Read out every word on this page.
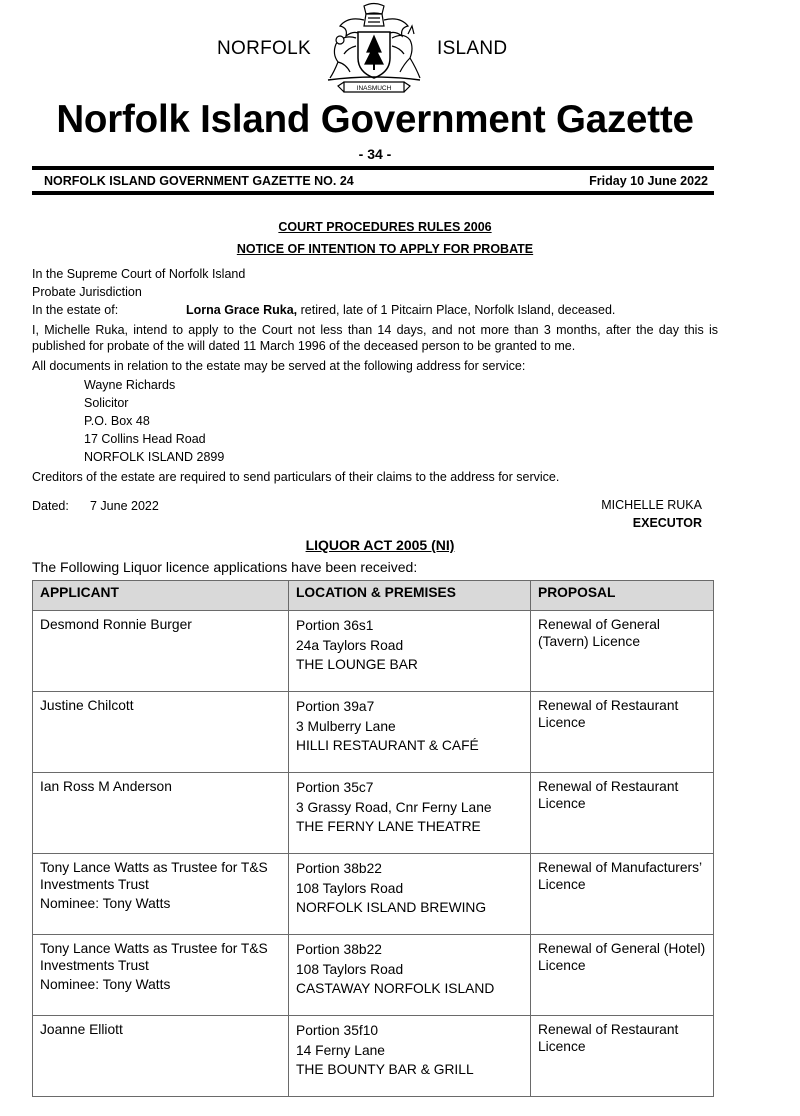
NORFOLK
INASMUCH
ISLAND
Norfolk Island Government Gazette
- 34 -
NORFOLK ISLAND GOVERNMENT GAZETTE NO. 24	Friday 10 June 2022
COURT PROCEDURES RULES 2006
NOTICE OF INTENTION TO APPLY FOR PROBATE
In the Supreme Court of Norfolk Island
Probate Jurisdiction
In the estate of:	Lorna Grace Ruka, retired, late of 1 Pitcairn Place, Norfolk Island, deceased.
I, Michelle Ruka, intend to apply to the Court not less than 14 days, and not more than 3 months, after the day this is published for probate of the will dated 11 March 1996 of the deceased person to be granted to me.
All documents in relation to the estate may be served at the following address for service:
Wayne Richards
Solicitor
P.O. Box 48
17 Collins Head Road
NORFOLK ISLAND 2899
Creditors of the estate are required to send particulars of their claims to the address for service.
Dated: 7 June 2022	MICHELLE RUKA
EXECUTOR
LIQUOR ACT 2005 (NI)
The Following Liquor licence applications have been received:
APPLICANT	LOCATION & PREMISES	PROPOSAL

Desmond Ronnie Burger	Portion 36s1
24a Taylors Road
THE LOUNGE BAR	Renewal of General (Tavern) Licence

Justine Chilcott	Portion 39a7
3 Mulberry Lane
HILLI RESTAURANT & CAFÉ	Renewal of Restaurant Licence

Ian Ross M Anderson	Portion 35c7
3 Grassy Road, Cnr Ferny Lane
THE FERNY LANE THEATRE	Renewal of Restaurant Licence

Tony Lance Watts as Trustee for T&S Investments Trust
Nominee: Tony Watts	Portion 38b22
108 Taylors Road
NORFOLK ISLAND BREWING	Renewal of Manufacturers’ Licence

Tony Lance Watts as Trustee for T&S Investments Trust
Nominee: Tony Watts	Portion 38b22
108 Taylors Road
CASTAWAY NORFOLK ISLAND	Renewal of General (Hotel) Licence

Joanne Elliott	Portion 35f10
14 Ferny Lane
THE BOUNTY BAR & GRILL	Renewal of Restaurant Licence
